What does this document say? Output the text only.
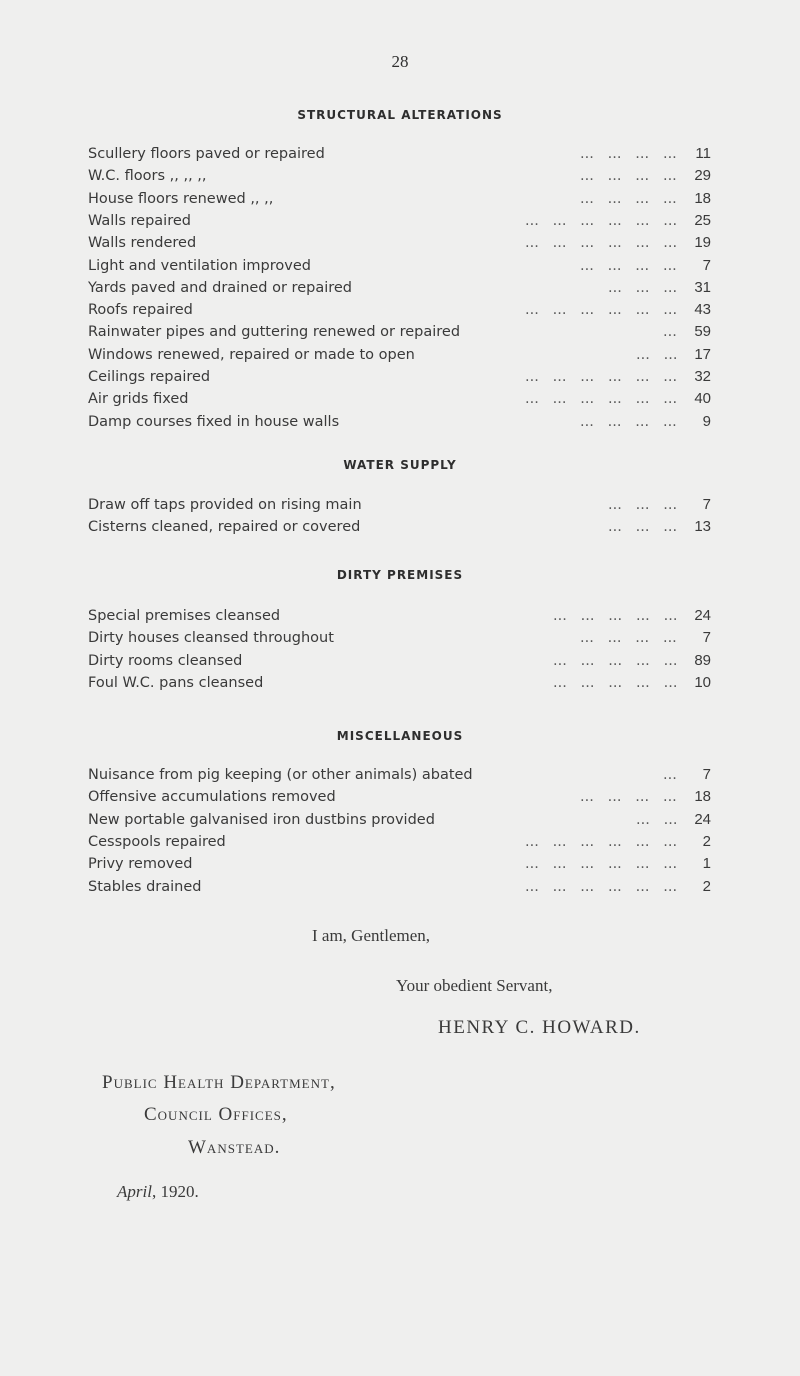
28
STRUCTURAL ALTERATIONS
Scullery floors paved or repaired	...   ...   ...   ... 11
W.C. floors ,, ,, ,,	...   ...   ...   ... 29
House floors renewed ,, ,,	...   ...   ...   ... 18
Walls repaired	...   ...   ...   ...   ...   ... 25
Walls rendered	...   ...   ...   ...   ...   ... 19
Light and ventilation improved	...   ...   ...   ... 7
Yards paved and drained or repaired	...   ...   ... 31
Roofs repaired	...   ...   ...   ...   ...   ... 43
Rainwater pipes and guttering renewed or repaired	... 59
Windows renewed, repaired or made to open	...   ... 17
Ceilings repaired	...   ...   ...   ...   ...   ... 32
Air grids fixed	...   ...   ...   ...   ...   ... 40
Damp courses fixed in house walls	...   ...   ...   ... 9
WATER SUPPLY
Draw off taps provided on rising main	...   ...   ... 7
Cisterns cleaned, repaired or covered	...   ...   ... 13
DIRTY PREMISES
Special premises cleansed	...   ...   ...   ...   ... 24
Dirty houses cleansed throughout	...   ...   ...   ... 7
Dirty rooms cleansed	...   ...   ...   ...   ... 89
Foul W.C. pans cleansed	...   ...   ...   ...   ... 10
MISCELLANEOUS
Nuisance from pig keeping (or other animals) abated	... 7
Offensive accumulations removed	...   ...   ...   ... 18
New portable galvanised iron dustbins provided	...   ... 24
Cesspools repaired	...   ...   ...   ...   ...   ... 2
Privy removed	...   ...   ...   ...   ...   ... 1
Stables drained	...   ...   ...   ...   ...   ... 2
I am, Gentlemen,
Your obedient Servant,
HENRY C. HOWARD.
Public Health Department,
Council Offices,
Wanstead.
April, 1920.
